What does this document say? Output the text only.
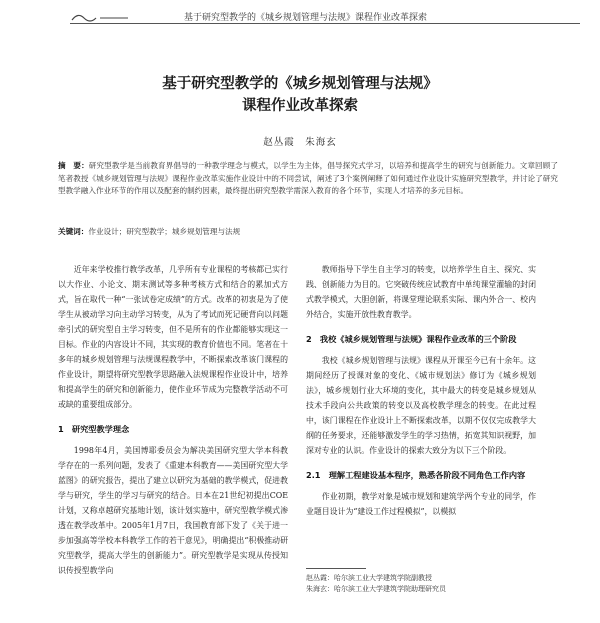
基于研究型教学的《城乡规划管理与法规》课程作业改革探索
基于研究型教学的《城乡规划管理与法规》
课程作业改革探索
赵丛霞　朱海玄
摘　要：研究型教学是当前教育界倡导的一种教学理念与模式，以学生为主体，倡导探究式学习，以培养和提高学生的研究与创新能力。文章回顾了笔者教授《城乡规划管理与法规》课程作业改革实施作业设计中的不同尝试，阐述了3个案例阐释了如何通过作业设计实施研究型教学，并讨论了研究型教学融入作业环节的作用以及配套的制约因素，最终提出研究型教学需深入教育的各个环节，实现人才培养的多元目标。
关键词：作业设计；研究型教学；城乡规划管理与法规

近年来学校推行教学改革，几乎所有专业课程的考核都已实行以大作业、小论文、期末测试等多种考核方式和结合的累加式方式，旨在取代一种“一张试卷定成绩”的方式。改革的初衷是为了使学生从被动学习向主动学习转变，从为了考试而死记硬背向以问题牵引式的研究型自主学习转变，但不是所有的作业都能够实现这一目标。作业的内容设计不同，其实现的教育价值也不同。笔者在十多年的城乡规划管理与法规课程教学中，不断探索改革该门课程的作业设计，期望将研究型教学思路融入法规课程作业设计中，培养和提高学生的研究和创新能力，使作业环节成为完整教学活动不可或缺的重要组成部分。

1　研究型教学理念

1998年4月，美国博耶委员会为解决美国研究型大学本科教学存在的一系列问题，发表了《重建本科教育——美国研究型大学蓝图》的研究报告，提出了建立以研究为基础的教学模式，促进教学与研究，学生的学习与研究的结合。日本在21世纪初提出COE计划，又称卓越研究基地计划，该计划实施中，研究型教学模式渗透在教学改革中。2005年1月7日，我国教育部下发了《关于进一步加强高等学校本科教学工作的若干意见》，明确提出“积极推动研究型教学，提高大学生的创新能力”。研究型教学是实现从传授知识传授型教学向

教师指导下学生自主学习的转变，以培养学生自主、探究、实践、创新能力为目的。它突破传统应试教育中单纯课堂灌输的封闭式教学模式，大胆创新，将课堂理论联系实际、课内外合一、校内外结合，实施开放性教育教学。

2　我校《城乡规划管理与法规》课程作业改革的三个阶段

我校《城乡规划管理与法规》课程从开课至今已有十余年。这期间经历了授课对象的变化、《城市规划法》修订为《城乡规划法》，城乡规划行业大环境的变化，其中最大的转变是城乡规划从技术手段向公共政策的转变以及高校教学理念的转变。在此过程中，该门课程在作业设计上不断探索改革，以期不仅仅完成教学大纲的任务要求，还能够激发学生的学习热情，拓宽其知识视野，加深对专业的认识。作业设计的探索大致分为以下三个阶段。

2.1　理解工程建设基本程序，熟悉各阶段不同角色工作内容

作业初期，教学对象是城市规划和建筑学两个专业的同学，作业题目设计为“建设工作过程模拟”，以模拟

赵丛霞：哈尔滨工业大学建筑学院副教授
朱海玄：哈尔滨工业大学建筑学院助理研究员
